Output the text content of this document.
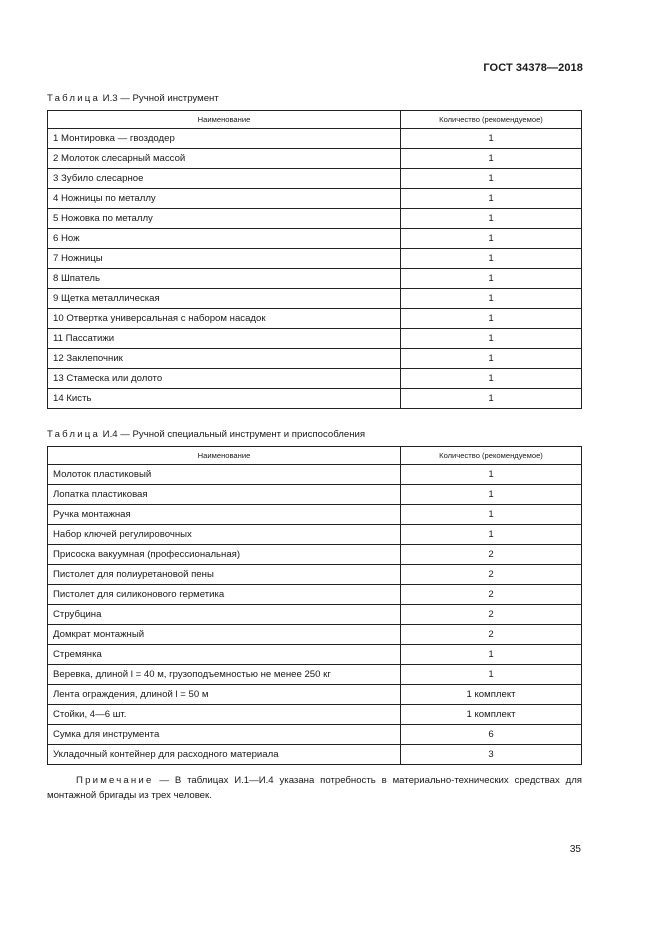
ГОСТ 34378—2018
Таблица И.3 — Ручной инструмент
Наименование	Количество (рекомендуемое)
1 Монтировка — гвоздодер	1
2 Молоток слесарный массой	1
3 Зубило слесарное	1
4 Ножницы по металлу	1
5 Ножовка по металлу	1
6 Нож	1
7 Ножницы	1
8 Шпатель	1
9 Щетка металлическая	1
10 Отвертка универсальная с набором насадок	1
11 Пассатижи	1
12 Заклепочник	1
13 Стамеска или долото	1
14 Кисть	1
Таблица И.4 — Ручной специальный инструмент и приспособления
Наименование	Количество (рекомендуемое)
Молоток пластиковый	1
Лопатка пластиковая	1
Ручка монтажная	1
Набор ключей регулировочных	1
Присоска вакуумная (профессиональная)	2
Пистолет для полиуретановой пены	2
Пистолет для силиконового герметика	2
Струбцина	2
Домкрат монтажный	2
Стремянка	1
Веревка, длиной l = 40 м, грузоподъемностью не менее 250 кг	1
Лента ограждения, длиной l = 50 м	1 комплект
Стойки, 4—6 шт.	1 комплект
Сумка для инструмента	6
Укладочный контейнер для расходного материала	3
Примечание — В таблицах И.1—И.4 указана потребность в материально-технических средствах для монтажной бригады из трех человек.
35
